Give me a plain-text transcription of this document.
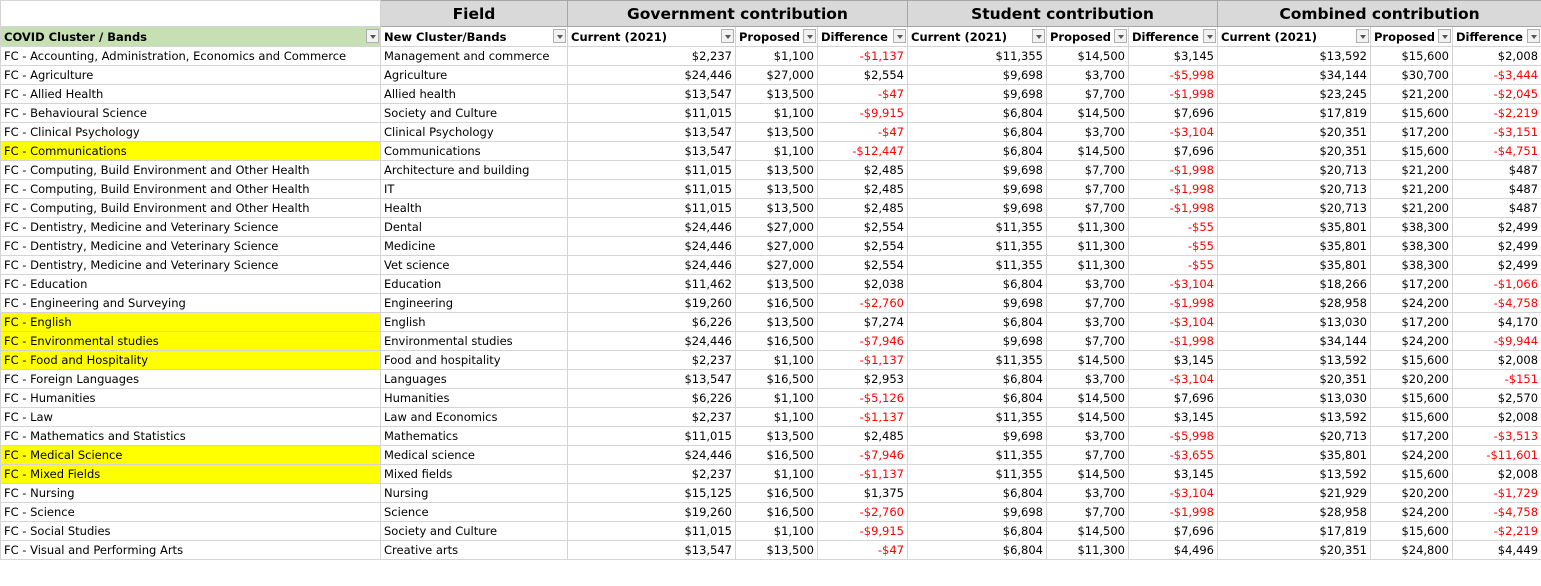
	Field	Government contribution			Student contribution			Combined contribution		
COVID Cluster / Bands	New Cluster/Bands	Current (2021)	Proposed	Difference	Current (2021)	Proposed	Difference	Current (2021)	Proposed	Difference

FC - Accounting, Administration, Economics and Commerce	Management and commerce	$2,237	$1,100	-$1,137	$11,355	$14,500	$3,145	$13,592	$15,600	$2,008
FC - Agriculture	Agriculture	$24,446	$27,000	$2,554	$9,698	$3,700	-$5,998	$34,144	$30,700	-$3,444
FC - Allied Health	Allied health	$13,547	$13,500	-$47	$9,698	$7,700	-$1,998	$23,245	$21,200	-$2,045
FC - Behavioural Science	Society and Culture	$11,015	$1,100	-$9,915	$6,804	$14,500	$7,696	$17,819	$15,600	-$2,219
FC - Clinical Psychology	Clinical Psychology	$13,547	$13,500	-$47	$6,804	$3,700	-$3,104	$20,351	$17,200	-$3,151
FC - Communications	Communications	$13,547	$1,100	-$12,447	$6,804	$14,500	$7,696	$20,351	$15,600	-$4,751
FC - Computing, Build Environment and Other Health	Architecture and building	$11,015	$13,500	$2,485	$9,698	$7,700	-$1,998	$20,713	$21,200	$487
FC - Computing, Build Environment and Other Health	IT	$11,015	$13,500	$2,485	$9,698	$7,700	-$1,998	$20,713	$21,200	$487
FC - Computing, Build Environment and Other Health	Health	$11,015	$13,500	$2,485	$9,698	$7,700	-$1,998	$20,713	$21,200	$487
FC - Dentistry, Medicine and Veterinary Science	Dental	$24,446	$27,000	$2,554	$11,355	$11,300	-$55	$35,801	$38,300	$2,499
FC - Dentistry, Medicine and Veterinary Science	Medicine	$24,446	$27,000	$2,554	$11,355	$11,300	-$55	$35,801	$38,300	$2,499
FC - Dentistry, Medicine and Veterinary Science	Vet science	$24,446	$27,000	$2,554	$11,355	$11,300	-$55	$35,801	$38,300	$2,499
FC - Education	Education	$11,462	$13,500	$2,038	$6,804	$3,700	-$3,104	$18,266	$17,200	-$1,066
FC - Engineering and Surveying	Engineering	$19,260	$16,500	-$2,760	$9,698	$7,700	-$1,998	$28,958	$24,200	-$4,758
FC - English	English	$6,226	$13,500	$7,274	$6,804	$3,700	-$3,104	$13,030	$17,200	$4,170
FC - Environmental studies	Environmental studies	$24,446	$16,500	-$7,946	$9,698	$7,700	-$1,998	$34,144	$24,200	-$9,944
FC - Food and Hospitality	Food and hospitality	$2,237	$1,100	-$1,137	$11,355	$14,500	$3,145	$13,592	$15,600	$2,008
FC - Foreign Languages	Languages	$13,547	$16,500	$2,953	$6,804	$3,700	-$3,104	$20,351	$20,200	-$151
FC - Humanities	Humanities	$6,226	$1,100	-$5,126	$6,804	$14,500	$7,696	$13,030	$15,600	$2,570
FC - Law	Law and Economics	$2,237	$1,100	-$1,137	$11,355	$14,500	$3,145	$13,592	$15,600	$2,008
FC - Mathematics and Statistics	Mathematics	$11,015	$13,500	$2,485	$9,698	$3,700	-$5,998	$20,713	$17,200	-$3,513
FC - Medical Science	Medical science	$24,446	$16,500	-$7,946	$11,355	$7,700	-$3,655	$35,801	$24,200	-$11,601
FC - Mixed Fields	Mixed fields	$2,237	$1,100	-$1,137	$11,355	$14,500	$3,145	$13,592	$15,600	$2,008
FC - Nursing	Nursing	$15,125	$16,500	$1,375	$6,804	$3,700	-$3,104	$21,929	$20,200	-$1,729
FC - Science	Science	$19,260	$16,500	-$2,760	$9,698	$7,700	-$1,998	$28,958	$24,200	-$4,758
FC - Social Studies	Society and Culture	$11,015	$1,100	-$9,915	$6,804	$14,500	$7,696	$17,819	$15,600	-$2,219
FC - Visual and Performing Arts	Creative arts	$13,547	$13,500	-$47	$6,804	$11,300	$4,496	$20,351	$24,800	$4,449
